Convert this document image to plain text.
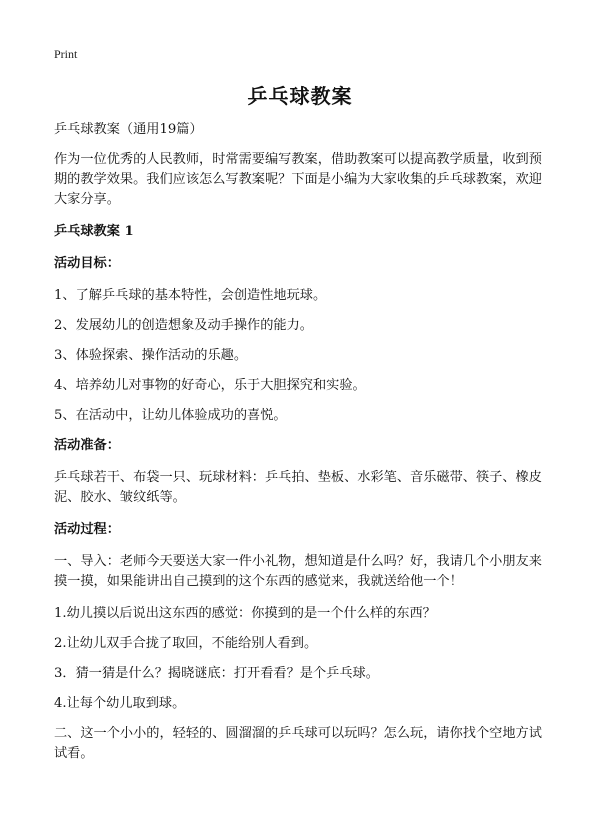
Print
乒乓球教案

乒乓球教案（通用19篇）

作为一位优秀的人民教师，时常需要编写教案，借助教案可以提高教学质量，收到预期的教学效果。我们应该怎么写教案呢？下面是小编为大家收集的乒乓球教案，欢迎大家分享。

乒乓球教案 1

活动目标：

1、了解乒乓球的基本特性，会创造性地玩球。

2、发展幼儿的创造想象及动手操作的能力。

3、体验探索、操作活动的乐趣。

4、培养幼儿对事物的好奇心，乐于大胆探究和实验。

5、在活动中，让幼儿体验成功的喜悦。

活动准备：

乒乓球若干、布袋一只、玩球材料：乒乓拍、垫板、水彩笔、音乐磁带、筷子、橡皮泥、胶水、皱纹纸等。

活动过程：

一、导入：老师今天要送大家一件小礼物，想知道是什么吗？好，我请几个小朋友来摸一摸，如果能讲出自己摸到的这个东西的感觉来，我就送给他一个！

1.幼儿摸以后说出这东西的感觉：你摸到的是一个什么样的东西？

2.让幼儿双手合拢了取回，不能给别人看到。

3．猜一猜是什么？揭晓谜底：打开看看？是个乒乓球。

4.让每个幼儿取到球。

二、这一个小小的，轻轻的、圆溜溜的乒乓球可以玩吗？怎么玩，请你找个空地方试试看。
